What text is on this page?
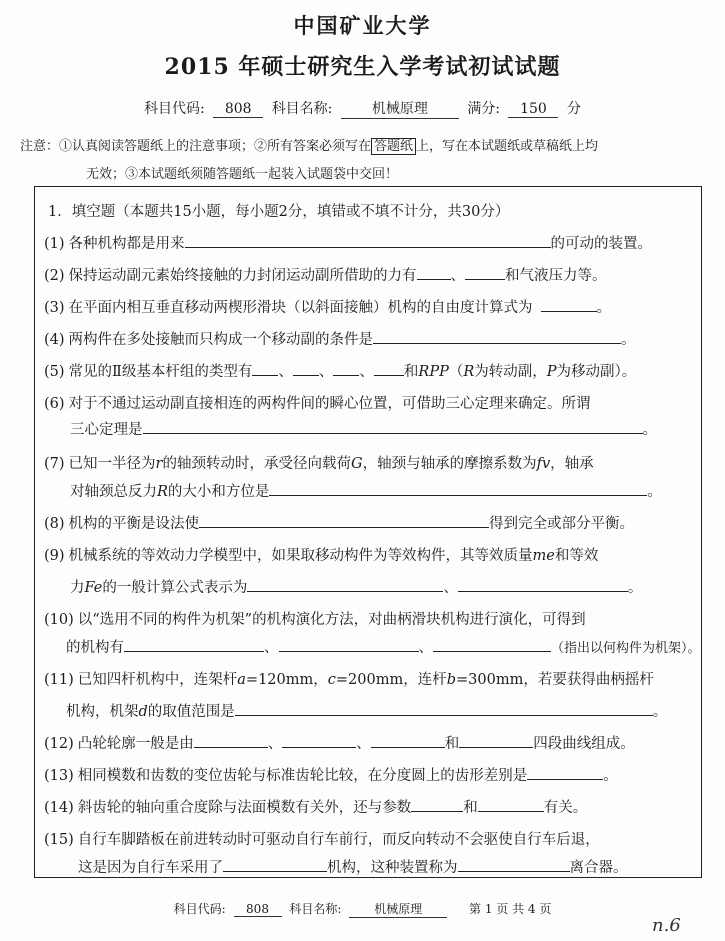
中国矿业大学
2015 年硕士研究生入学考试初试试题
科目代码: 808 科目名称:	机械原理	满分: 150 分
注意：①认真阅读答题纸上的注意事项；②所有答案必须写在 答题纸 上，写在本试题纸或草稿纸上均
无效；③本试题纸须随答题纸一起装入试题袋中交回！
1．填空题（本题共15小题，每小题2分，填错或不填不计分，共30分）
(1) 各种机构都是用来	的可动的装置。
(2) 保持运动副元素始终接触的力封闭运动副所借助的力有 、	和气液压力等。
(3) 在平面内相互垂直移动两楔形滑块（以斜面接触）机构的自由度计算式为	。
(4) 两构件在多处接触而只构成一个移动副的条件是	。
(5) 常见的Ⅱ级基本杆组的类型有 、 、 、 和RPP（R为转动副，P为移动副）。
(6) 对于不通过运动副直接相连的两构件间的瞬心位置，可借助三心定理来确定。所谓
三心定理是	。
(7) 已知一半径为r的轴颈转动时，承受径向载荷G，轴颈与轴承的摩擦系数为fv，轴承
对轴颈总反力R的大小和方位是	。
(8) 机构的平衡是设法使	得到完全或部分平衡。
(9) 机械系统的等效动力学模型中，如果取移动构件为等效构件，其等效质量me和等效
力Fe的一般计算公式表示为	、	。
(10) 以“选用不同的构件为机架”的机构演化方法，对曲柄滑块机构进行演化，可得到
的机构有	、	、	（指出以何构件为机架）。
(11) 已知四杆机构中，连架杆a=120mm，c=200mm，连杆b=300mm，若要获得曲柄摇杆
机构，机架d的取值范围是	。
(12) 凸轮轮廓一般是由	、	、	和	四段曲线组成。
(13) 相同模数和齿数的变位齿轮与标准齿轮比较，在分度圆上的齿形差别是	。
(14) 斜齿轮的轴向重合度除与法面模数有关外，还与参数	和	有关。
(15) 自行车脚踏板在前进转动时可驱动自行车前行，而反向转动不会驱使自行车后退，
这是因为自行车采用了	机构，这种装置称为	离合器。
科目代码: 808 科目名称:	机械原理	第 1 页 共 4 页
n.6
